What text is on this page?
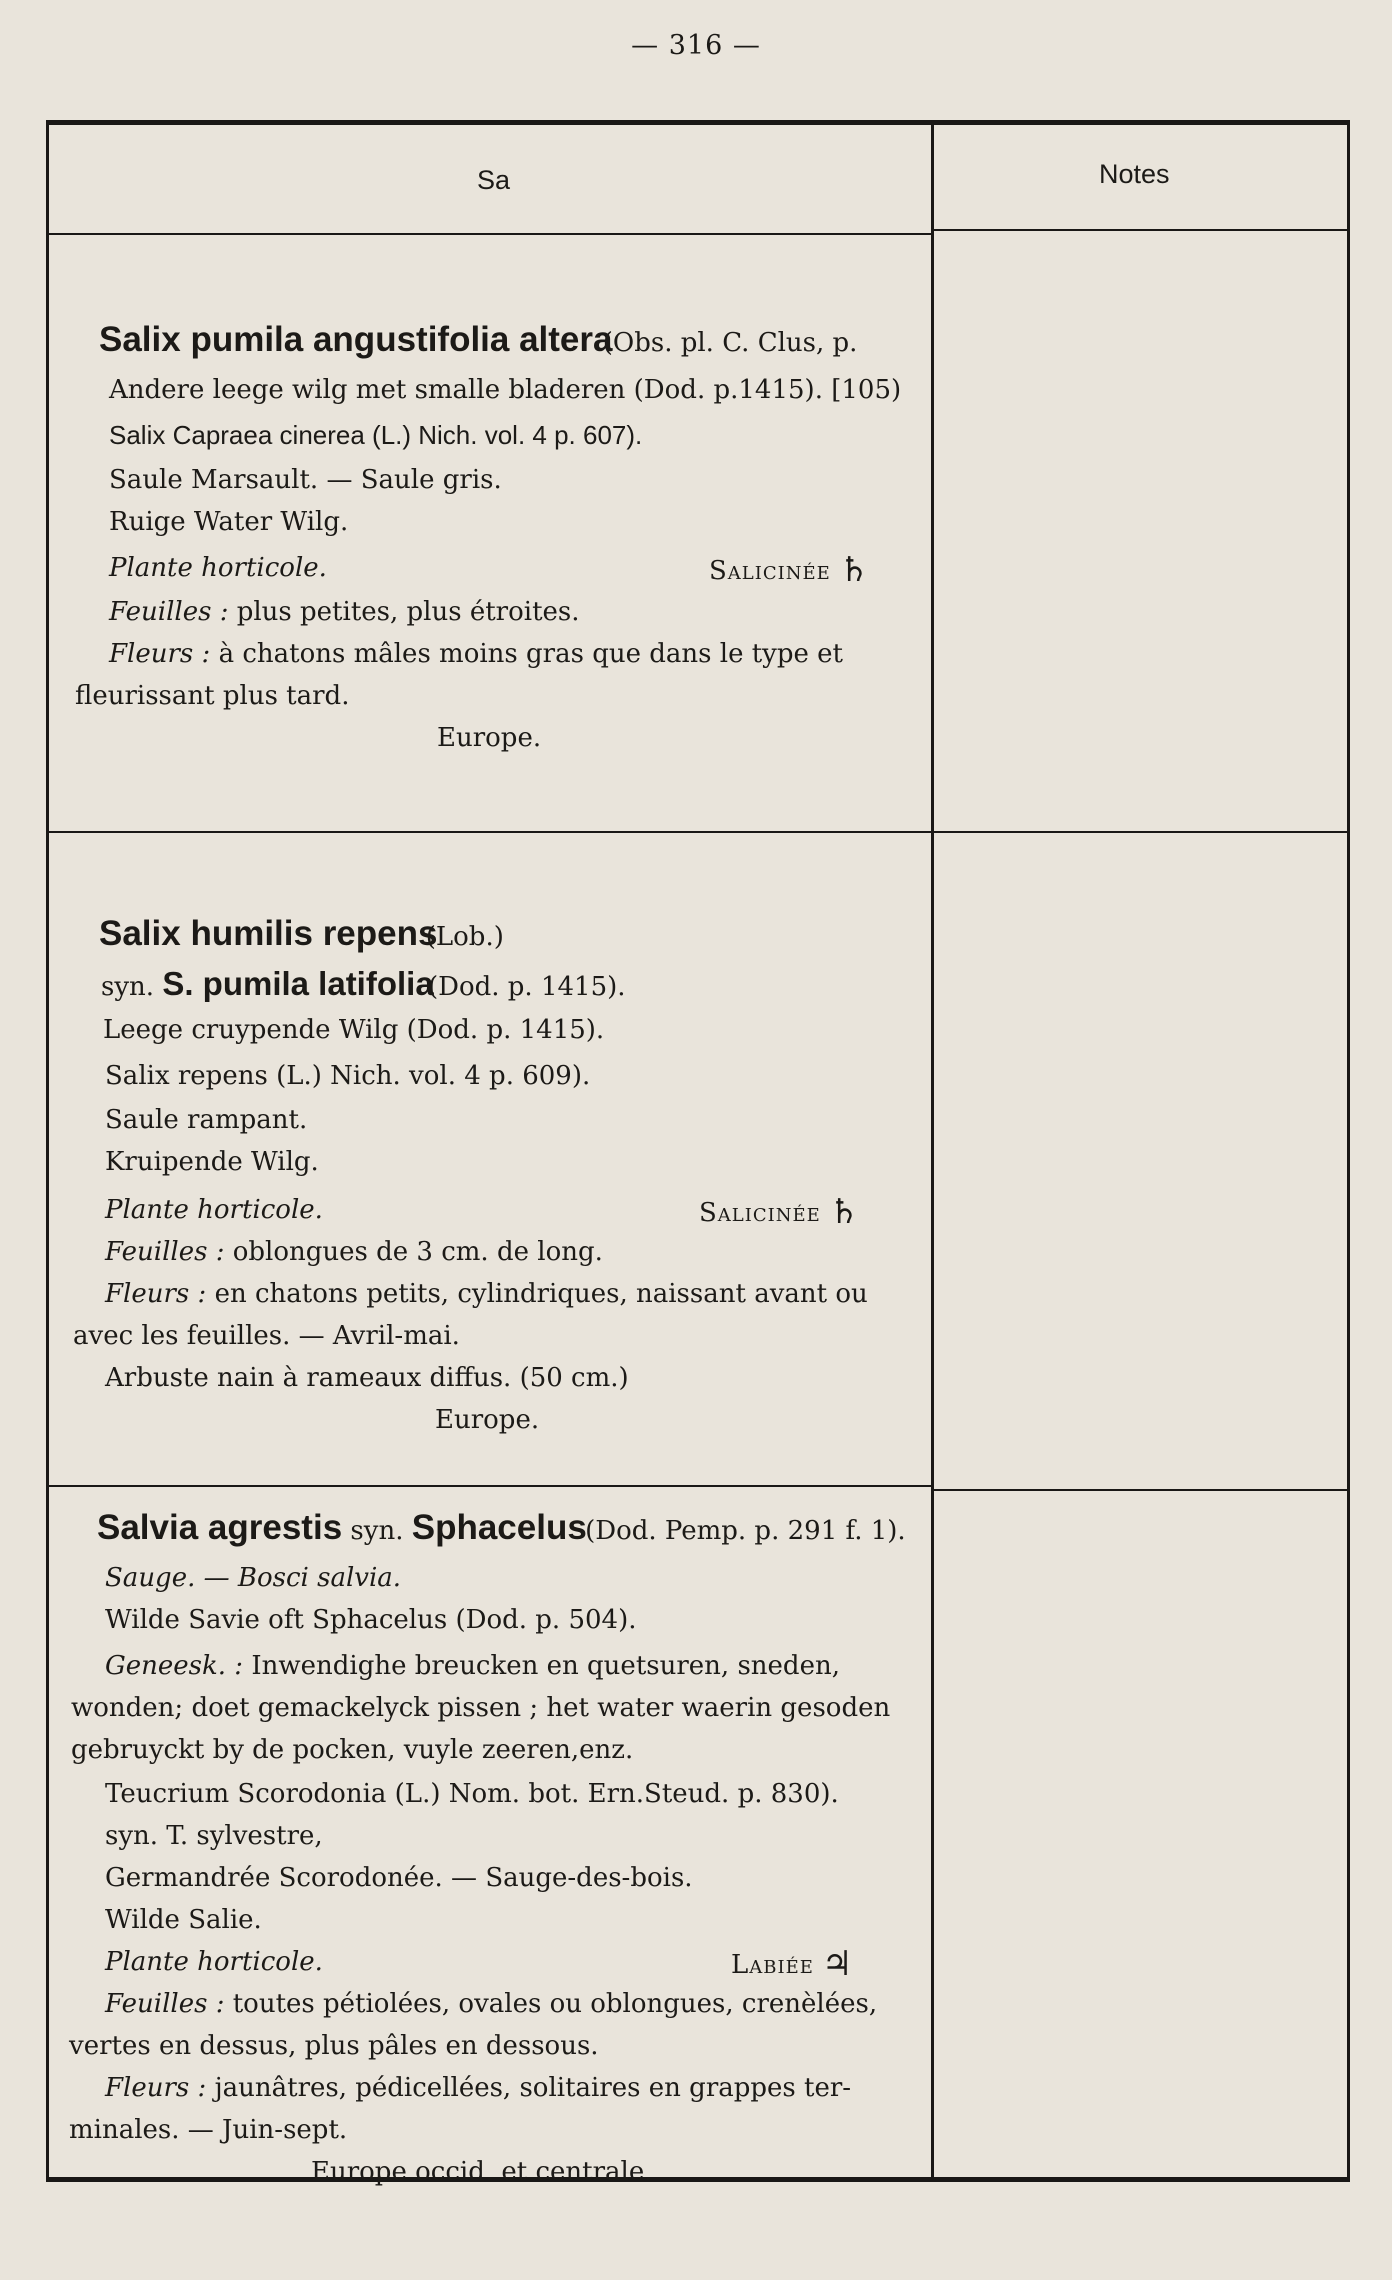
— 316 —
Sa	Notes
Salix pumila angustifolia altera (Obs. pl. C. Clus, p.
Andere leege wilg met smalle bladeren (Dod. p.1415). [105)
Salix Capraea cinerea (L.) Nich. vol. 4 p. 607).
Saule Marsault. — Saule gris.
Ruige Water Wilg.
Plante horticole.	Salicinée ♄
Feuilles : plus petites, plus étroites.
Fleurs : à chatons mâles moins gras que dans le type et
fleurissant plus tard.
Europe.
Salix humilis repens (Lob.)
syn. S. pumila latifolia (Dod. p. 1415).
Leege cruypende Wilg (Dod. p. 1415).
Salix repens (L.) Nich. vol. 4 p. 609).
Saule rampant.
Kruipende Wilg.
Plante horticole.	Salicinée ♄
Feuilles : oblongues de 3 cm. de long.
Fleurs : en chatons petits, cylindriques, naissant avant ou
avec les feuilles. — Avril-mai.
Arbuste nain à rameaux diffus. (50 cm.)
Europe.
Salvia agrestis syn. Sphacelus (Dod. Pemp. p. 291 f. 1).
Sauge. — Bosci salvia.
Wilde Savie oft Sphacelus (Dod. p. 504).
Geneesk. : Inwendighe breucken en quetsuren, sneden,
wonden; doet gemackelyck pissen ; het water waerin gesoden
gebruyckt by de pocken, vuyle zeeren,enz.
Teucrium Scorodonia (L.) Nom. bot. Ern.Steud. p. 830).
syn. T. sylvestre,
Germandrée Scorodonée. — Sauge-des-bois.
Wilde Salie.
Plante horticole.	Labiée ♃
Feuilles : toutes pétiolées, ovales ou oblongues, crenèlées,
vertes en dessus, plus pâles en dessous.
Fleurs : jaunâtres, pédicellées, solitaires en grappes ter-
minales. — Juin-sept.
Europe occid. et centrale.
